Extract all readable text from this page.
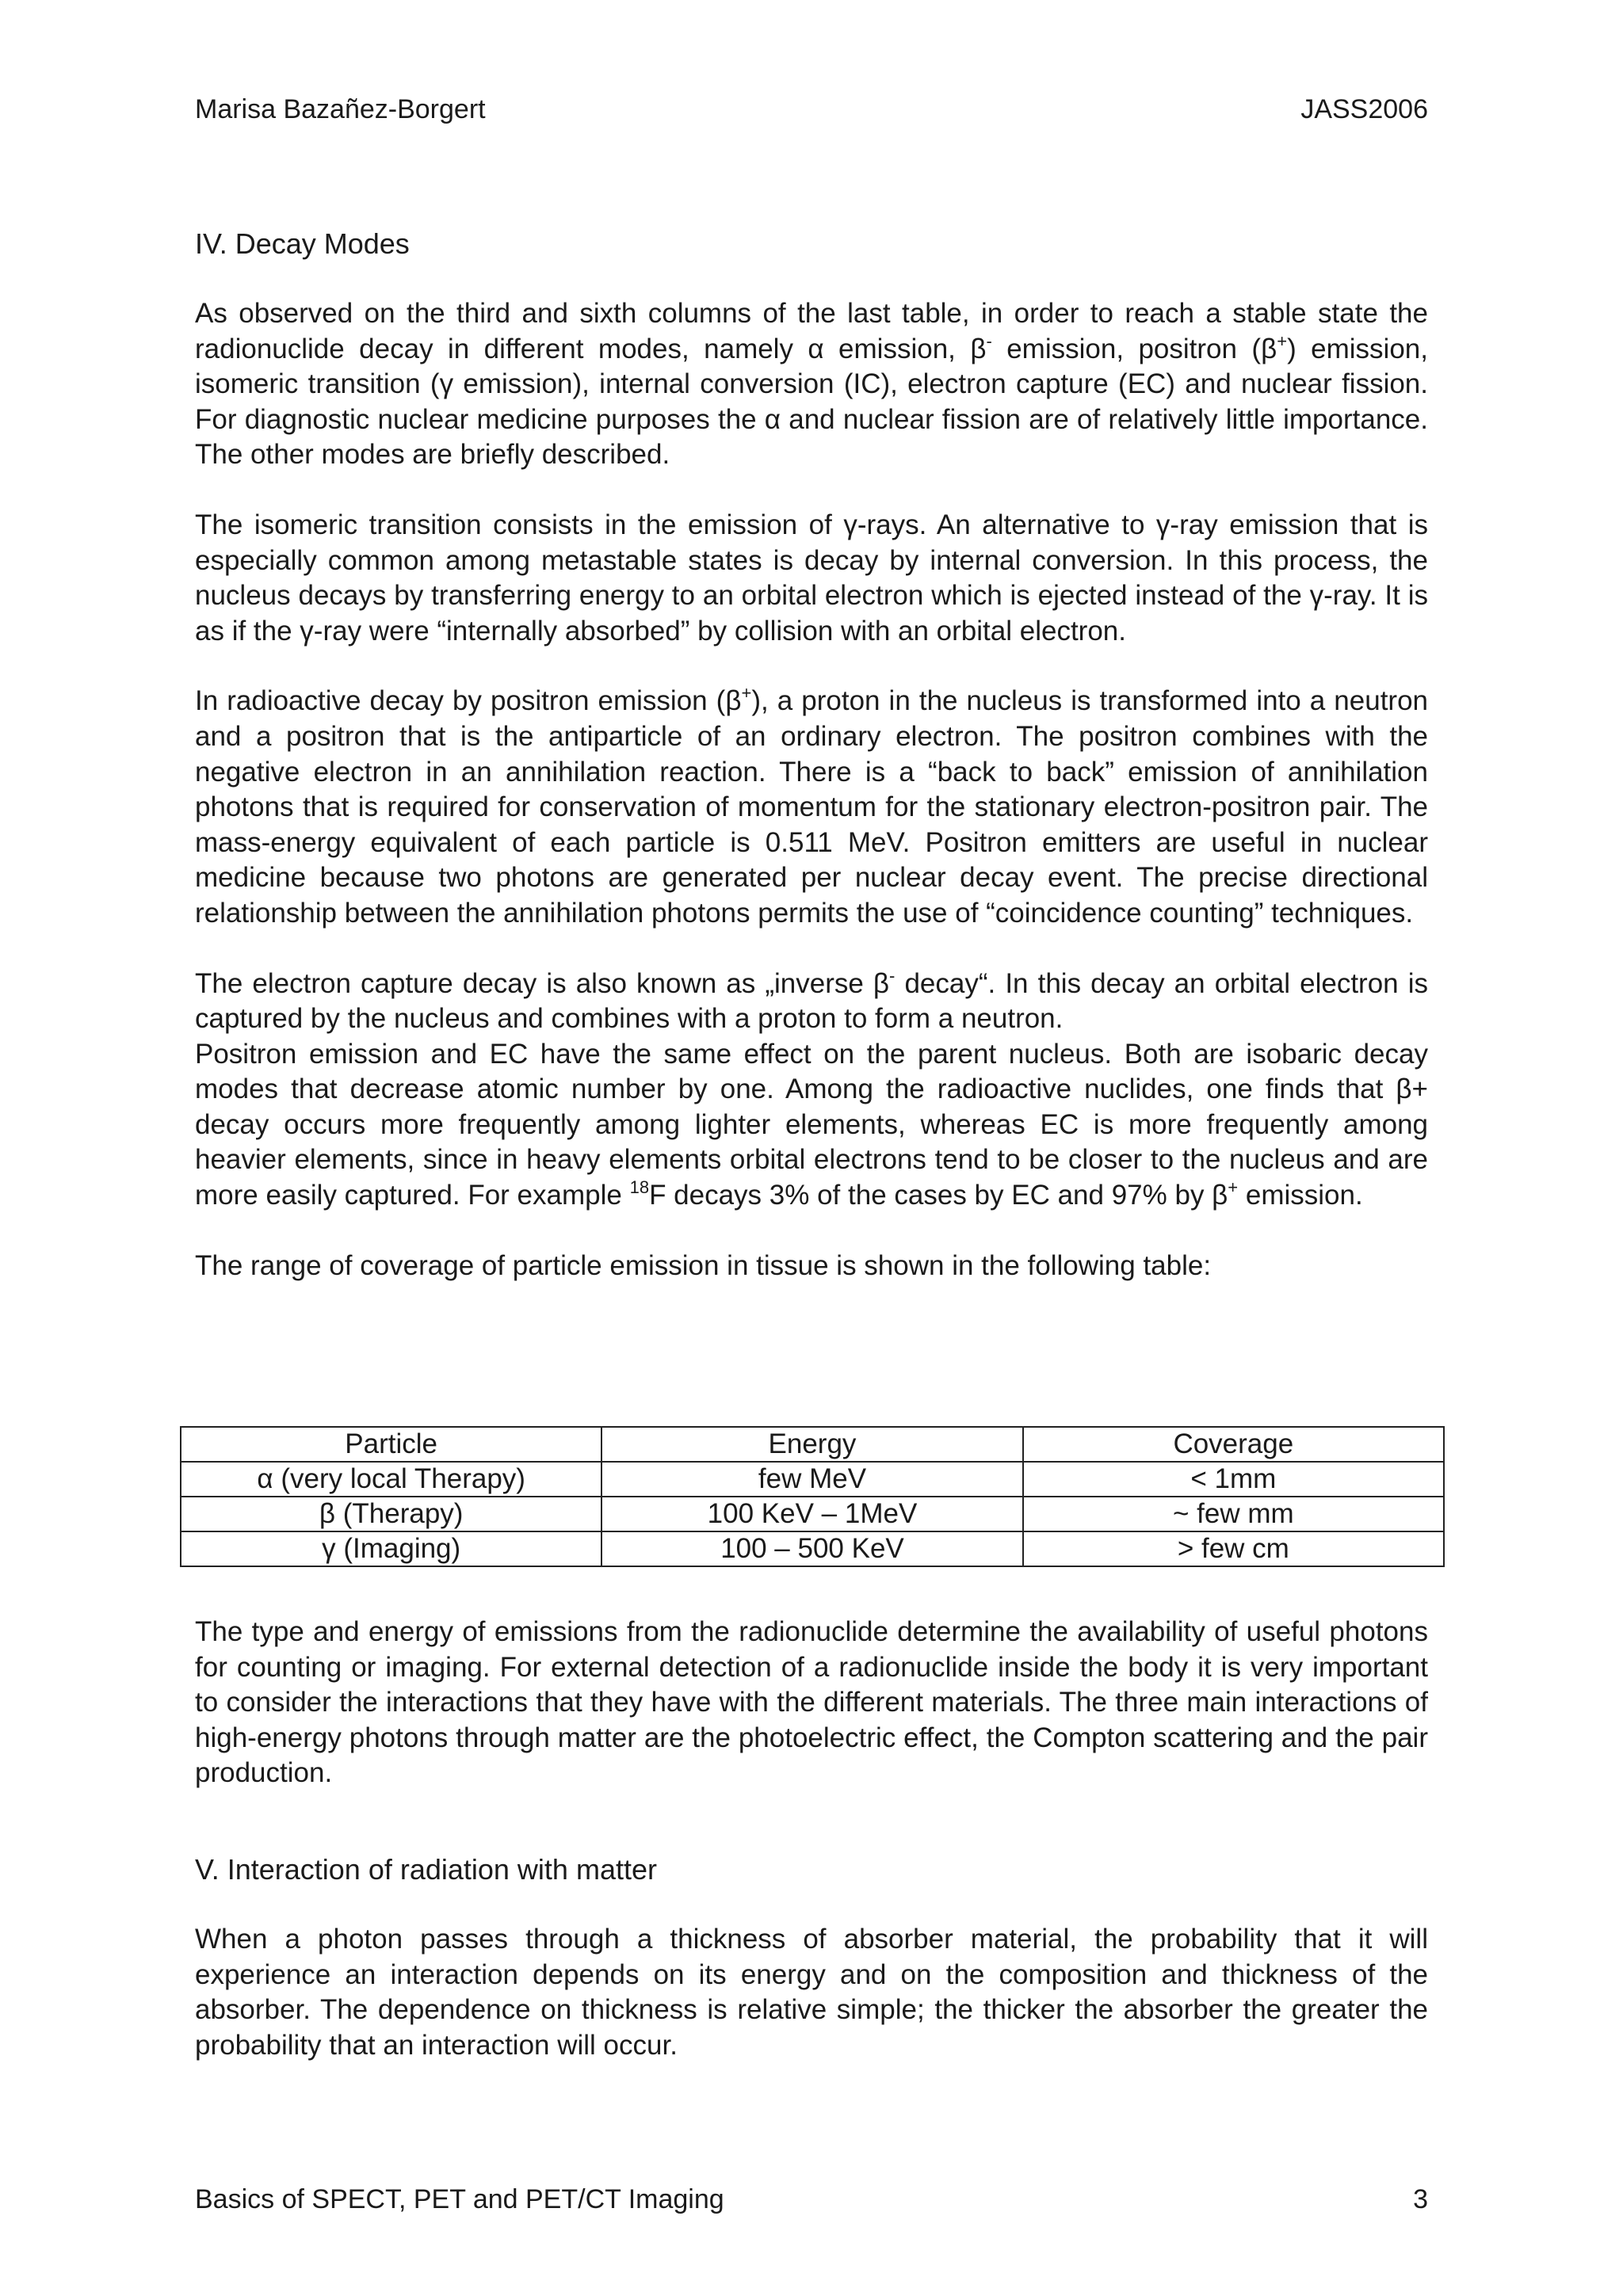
Marisa Bazañez-Borgert	JASS2006
IV. Decay Modes

As observed on the third and sixth columns of the last table, in order to reach a stable state the radionuclide decay in different modes, namely α emission, β- emission, positron (β+) emission, isomeric transition (γ emission), internal conversion (IC), electron capture (EC) and nuclear fission. For diagnostic nuclear medicine purposes the α and nuclear fission are of relatively little importance. The other modes are briefly described.

The isomeric transition consists in the emission of γ-rays. An alternative to γ-ray emission that is especially common among metastable states is decay by internal conversion. In this process, the nucleus decays by transferring energy to an orbital electron which is ejected instead of the γ-ray. It is as if the γ-ray were “internally absorbed” by collision with an orbital electron.

In radioactive decay by positron emission (β+), a proton in the nucleus is transformed into a neutron and a positron that is the antiparticle of an ordinary electron. The positron combines with the negative electron in an annihilation reaction. There is a “back to back” emission of annihilation photons that is required for conservation of momentum for the stationary electron-positron pair. The mass-energy equivalent of each particle is 0.511 MeV. Positron emitters are useful in nuclear medicine because two photons are generated per nuclear decay event. The precise directional relationship between the annihilation photons permits the use of “coincidence counting” techniques.

The electron capture decay is also known as „inverse β- decay“. In this decay an orbital electron is captured by the nucleus and combines with a proton to form a neutron.

Positron emission and EC have the same effect on the parent nucleus. Both are isobaric decay modes that decrease atomic number by one. Among the radioactive nuclides, one finds that β+ decay occurs more frequently among lighter elements, whereas EC is more frequently among heavier elements, since in heavy elements orbital electrons tend to be closer to the nucleus and are more easily captured. For example $^{18}$F decays 3% of the cases by EC and 97% by β+ emission.

The range of coverage of particle emission in tissue is shown in the following table:

Particle	Energy	Coverage
α (very local Therapy)	few MeV	< 1mm
β (Therapy)	100 KeV – 1MeV	~ few mm
γ (Imaging)	100 – 500 KeV	> few cm

The type and energy of emissions from the radionuclide determine the availability of useful photons for counting or imaging. For external detection of a radionuclide inside the body it is very important to consider the interactions that they have with the different materials. The three main interactions of high-energy photons through matter are the photoelectric effect, the Compton scattering and the pair production.

V. Interaction of radiation with matter

When a photon passes through a thickness of absorber material, the probability that it will experience an interaction depends on its energy and on the composition and thickness of the absorber. The dependence on thickness is relative simple; the thicker the absorber the greater the probability that an interaction will occur.

Basics of SPECT, PET and PET/CT Imaging	3
